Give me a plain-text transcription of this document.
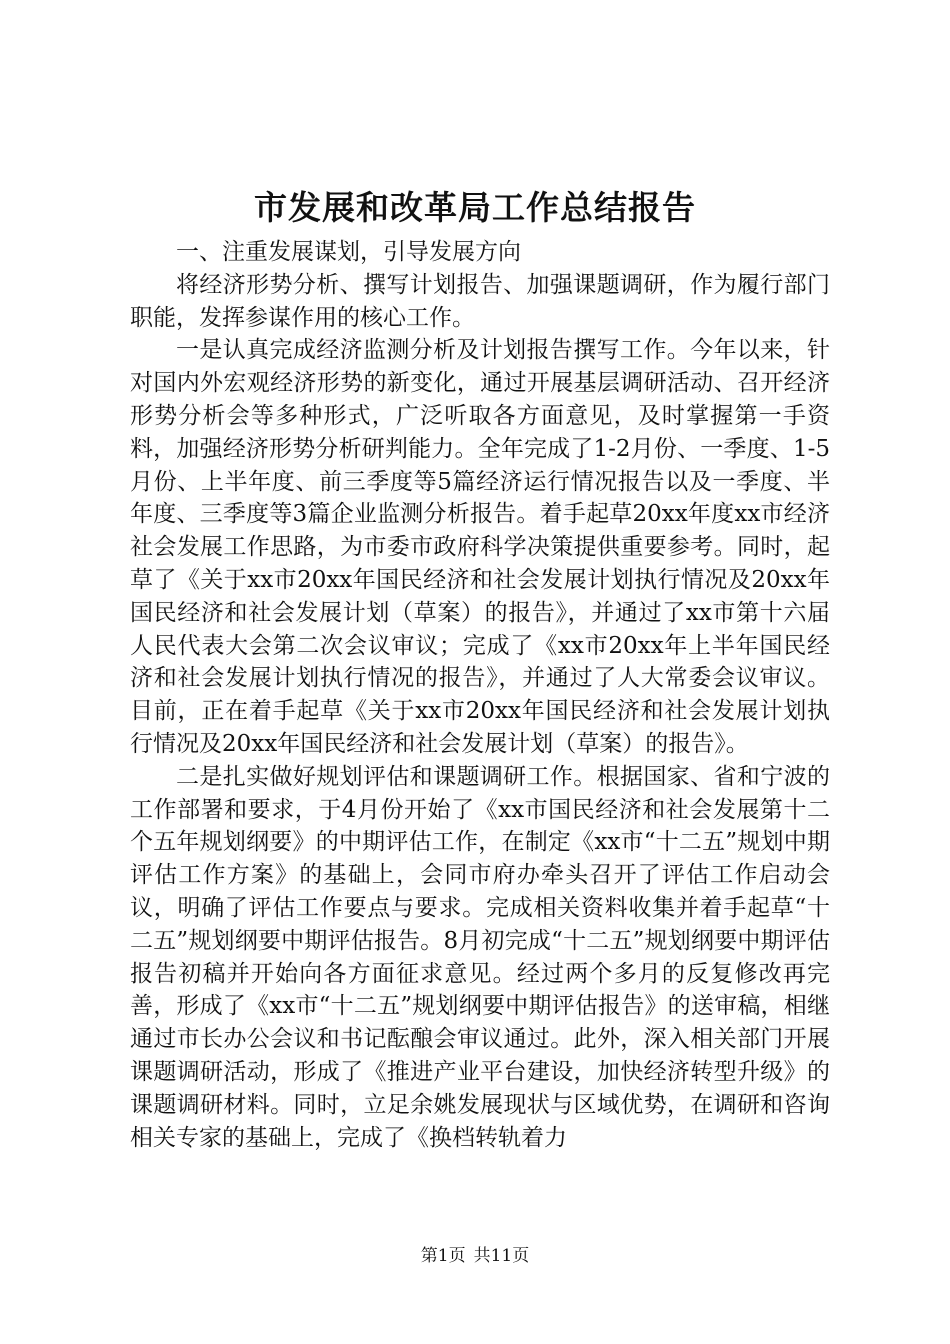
市发展和改革局工作总结报告

一、注重发展谋划，引导发展方向

将经济形势分析、撰写计划报告、加强课题调研，作为履行部门职能，发挥参谋作用的核心工作。

一是认真完成经济监测分析及计划报告撰写工作。今年以来，针对国内外宏观经济形势的新变化，通过开展基层调研活动、召开经济形势分析会等多种形式，广泛听取各方面意见，及时掌握第一手资料，加强经济形势分析研判能力。全年完成了1-2月份、一季度、1-5月份、上半年度、前三季度等5篇经济运行情况报告以及一季度、半年度、三季度等3篇企业监测分析报告。着手起草20xx年度xx市经济社会发展工作思路，为市委市政府科学决策提供重要参考。同时，起草了《关于xx市20xx年国民经济和社会发展计划执行情况及20xx年国民经济和社会发展计划（草案）的报告》，并通过了xx市第十六届人民代表大会第二次会议审议；完成了《xx市20xx年上半年国民经济和社会发展计划执行情况的报告》，并通过了人大常委会议审议。目前，正在着手起草《关于xx市20xx年国民经济和社会发展计划执行情况及20xx年国民经济和社会发展计划（草案）的报告》。

二是扎实做好规划评估和课题调研工作。根据国家、省和宁波的工作部署和要求，于4月份开始了《xx市国民经济和社会发展第十二个五年规划纲要》的中期评估工作，在制定《xx市“十二五”规划中期评估工作方案》的基础上，会同市府办牵头召开了评估工作启动会议，明确了评估工作要点与要求。完成相关资料收集并着手起草“十二五”规划纲要中期评估报告。8月初完成“十二五”规划纲要中期评估报告初稿并开始向各方面征求意见。经过两个多月的反复修改再完善，形成了《xx市“十二五”规划纲要中期评估报告》的送审稿，相继通过市长办公会议和书记酝酿会审议通过。此外，深入相关部门开展课题调研活动，形成了《推进产业平台建设，加快经济转型升级》的课题调研材料。同时，立足余姚发展现状与区域优势，在调研和咨询相关专家的基础上，完成了《换档转轨着力

第1页 共11页
